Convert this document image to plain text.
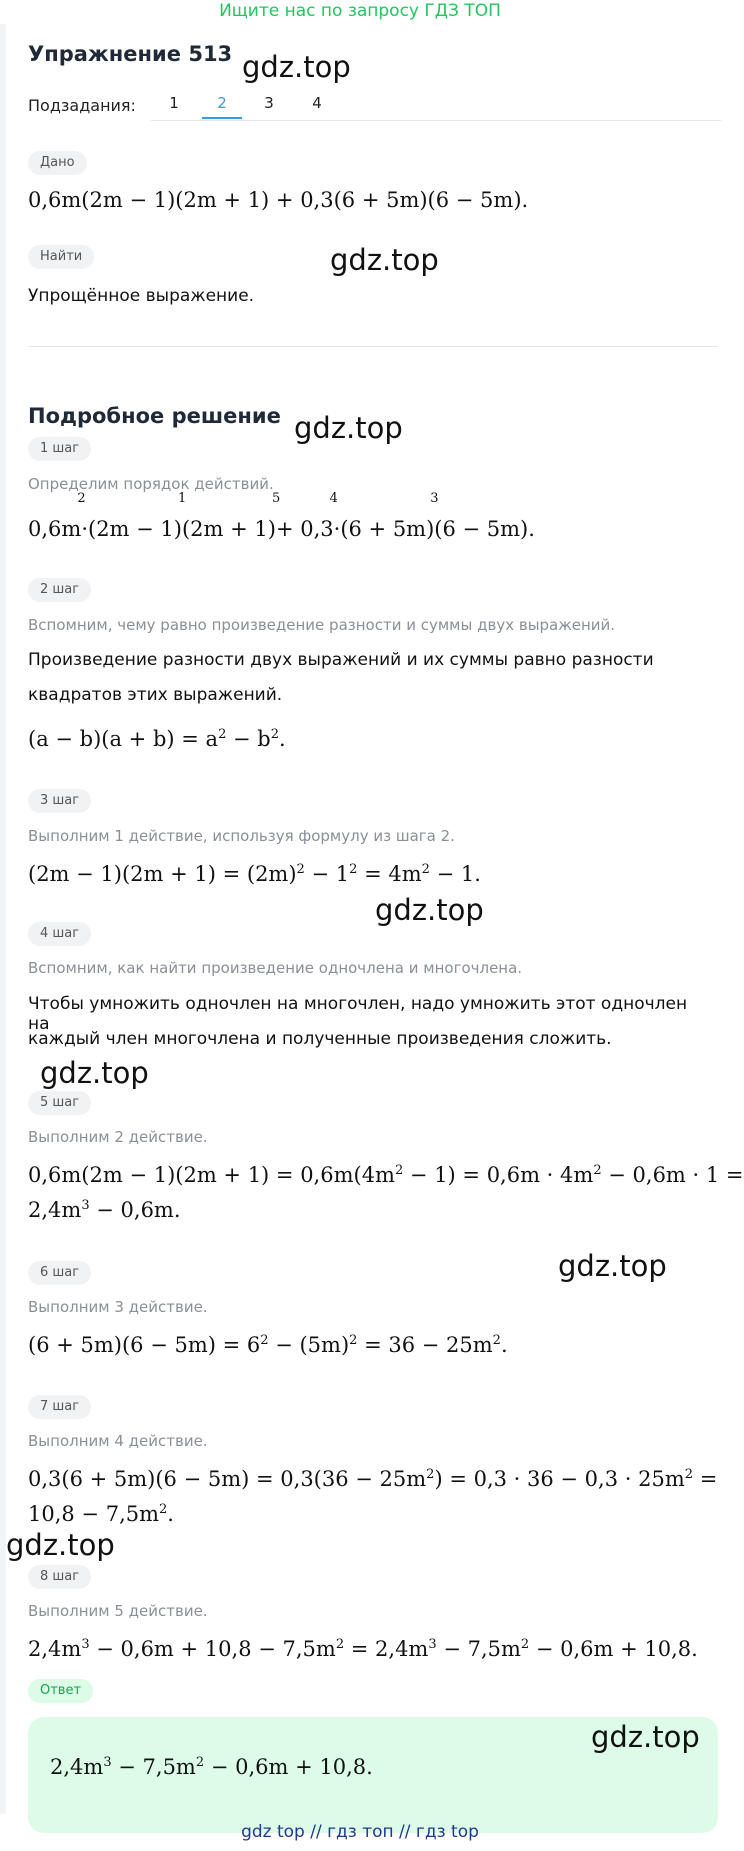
Ищите нас по запросу ГДЗ ТОП
Упражнение 513
Подзадания:	1	2	3	4
Дано
0,6m(2m − 1)(2m + 1) + 0,3(6 + 5m)(6 − 5m).
Найти
Упрощённое выражение.
Подробное решение
1 шаг
Определим порядок действий.
0,6m
2
·(2m − 1)
1
(2m + 1)
5
+ 0,3
4
·(6 + 5m)
3
(6 − 5m).
2 шаг
Вспомним, чему равно произведение разности и суммы двух выражений.
Произведение разности двух выражений и их суммы равно разности
квадратов этих выражений.
$(a - b)(a + b) = a^2 - b^2$.
3 шаг
Выполним 1 действие, используя формулу из шага 2.
$(2m - 1)(2m + 1) = (2m)^2 - 1^2 = 4m^2 - 1$.
4 шаг
Вспомним, как найти произведение одночлена и многочлена.
Чтобы умножить одночлен на многочлен, надо умножить этот одночлен на
каждый член многочлена и полученные произведения сложить.
5 шаг
Выполним 2 действие.
$0,6m(2m - 1)(2m + 1) = 0,6m(4m^2 - 1) = 0,6m \cdot 4m^2 - 0,6m \cdot 1$ =
$2,4m^3 - 0,6m$.
6 шаг
Выполним 3 действие.
$(6 + 5m)(6 - 5m) = 6^2 - (5m)^2 = 36 - 25m^2$.
7 шаг
Выполним 4 действие.
$0,3(6 + 5m)(6 - 5m) = 0,3(36 - 25m^2) = 0,3 \cdot 36 - 0,3 \cdot 25m^2$ =
$10,8 - 7,5m^2$.
8 шаг
Выполним 5 действие.
$2,4m^3 - 0,6m + 10,8 - 7,5m^2 = 2,4m^3 - 7,5m^2 - 0,6m + 10,8$.
Ответ
$2,4m^3 - 7,5m^2 - 0,6m + 10,8$.
gdz.top
gdz.top
gdz.top
gdz.top
gdz.top
gdz.top
gdz.top
gdz.top
gdz top // гдз топ // гдз top
